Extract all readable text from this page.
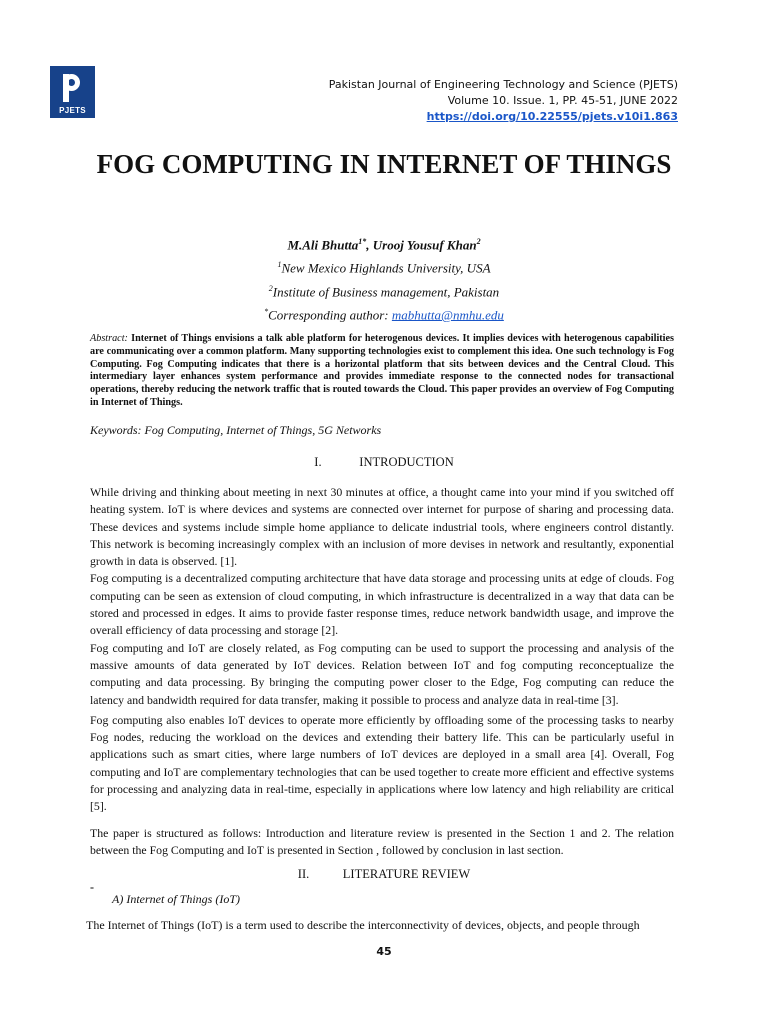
PJETS
Pakistan Journal of Engineering Technology and Science (PJETS)
Volume 10. Issue. 1, PP. 45-51, JUNE 2022
https://doi.org/10.22555/pjets.v10i1.863
FOG COMPUTING IN INTERNET OF THINGS
M.Ali Bhutta$^{1*}$, Urooj Yousuf Khan$^2$
$^1$New Mexico Highlands University, USA
$^2$Institute of Business management, Pakistan
*Corresponding author: mabhutta@nmhu.edu
Abstract: Internet of Things envisions a talk able platform for heterogenous devices. It implies devices with heterogenous capabilities are communicating over a common platform. Many supporting technologies exist to complement this idea. One such technology is Fog Computing. Fog Computing indicates that there is a horizontal platform that sits between devices and the Central Cloud. This intermediary layer enhances system performance and provides immediate response to the connected nodes for transactional operations, thereby reducing the network traffic that is routed towards the Cloud. This paper provides an overview of Fog Computing in Internet of Things.
Keywords: Fog Computing, Internet of Things, 5G Networks
I.	INTRODUCTION

While driving and thinking about meeting in next 30 minutes at office, a thought came into your mind if you switched off heating system. IoT is where devices and systems are connected over internet for purpose of sharing and processing data. These devices and systems include simple home appliance to delicate industrial tools, where engineers control distantly. This network is becoming increasingly complex with an inclusion of more devises in network and resultantly, exponential growth in data is observed. [1].

Fog computing is a decentralized computing architecture that have data storage and processing units at edge of clouds. Fog computing can be seen as extension of cloud computing, in which infrastructure is decentralized in a way that data can be stored and processed in edges. It aims to provide faster response times, reduce network bandwidth usage, and improve the overall efficiency of data processing and storage [2].

Fog computing and IoT are closely related, as Fog computing can be used to support the processing and analysis of the massive amounts of data generated by IoT devices. Relation between IoT and fog computing reconceptualize the computing and data processing. By bringing the computing power closer to the Edge, Fog computing can reduce the latency and bandwidth required for data transfer, making it possible to process and analyze data in real-time [3].

Fog computing also enables IoT devices to operate more efficiently by offloading some of the processing tasks to nearby Fog nodes, reducing the workload on the devices and extending their battery life. This can be particularly useful in applications such as smart cities, where large numbers of IoT devices are deployed in a small area [4]. Overall, Fog computing and IoT are complementary technologies that can be used together to create more efficient and effective systems for processing and analyzing data in real-time, especially in applications where low latency and high reliability are critical [5].

The paper is structured as follows: Introduction and literature review is presented in the Section 1 and 2. The relation between the Fog Computing and IoT is presented in Section , followed by conclusion in last section.

II.	LITERATURE REVIEW
-
A) Internet of Things (IoT)
The Internet of Things (IoT) is a term used to describe the interconnectivity of devices, objects, and people through
45
